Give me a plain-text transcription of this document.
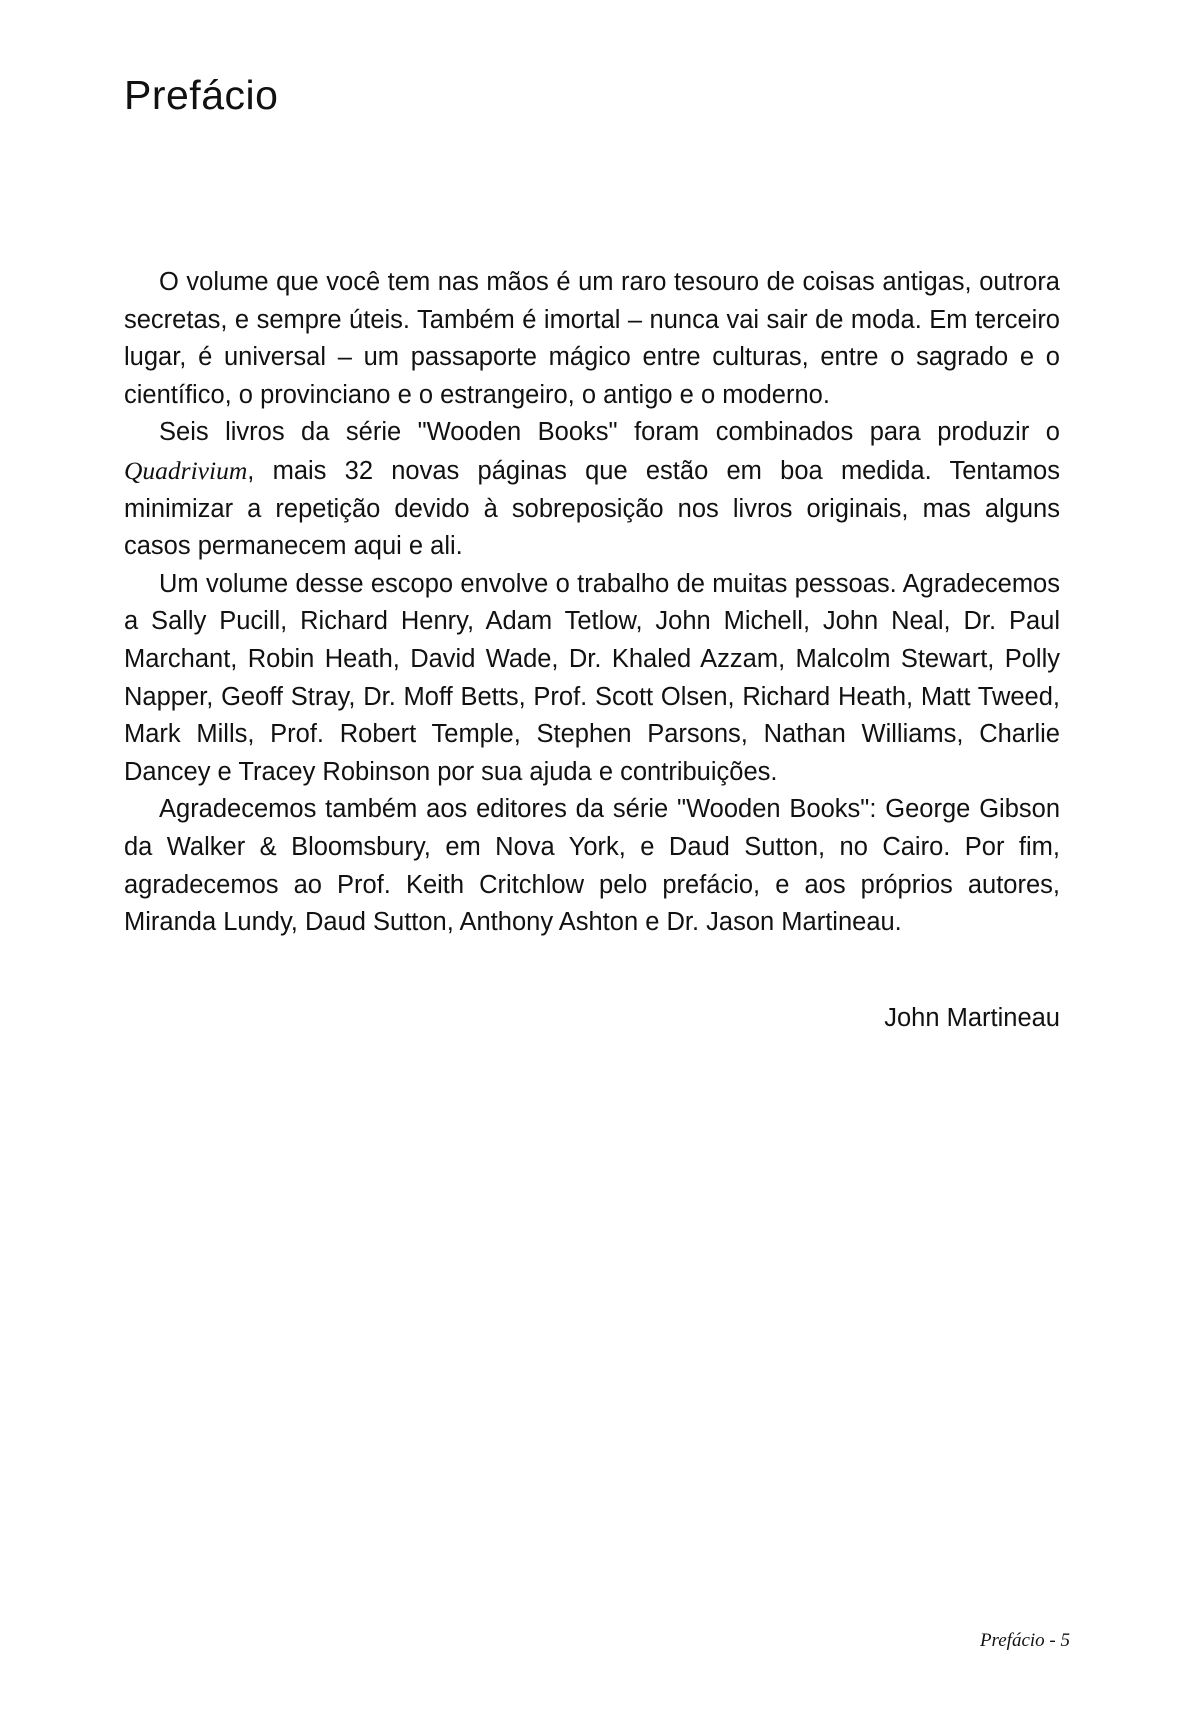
Prefácio

O volume que você tem nas mãos é um raro tesouro de coisas antigas, outrora secretas, e sempre úteis. Também é imortal – nunca vai sair de moda. Em terceiro lugar, é universal – um passaporte mágico entre culturas, entre o sagrado e o científico, o provinciano e o estrangeiro, o antigo e o moderno.

Seis livros da série "Wooden Books" foram combinados para produzir o Quadrivium, mais 32 novas páginas que estão em boa medida. Tentamos minimizar a repetição devido à sobreposição nos livros originais, mas alguns casos permanecem aqui e ali.

Um volume desse escopo envolve o trabalho de muitas pessoas. Agradecemos a Sally Pucill, Richard Henry, Adam Tetlow, John Michell, John Neal, Dr. Paul Marchant, Robin Heath, David Wade, Dr. Khaled Azzam, Malcolm Stewart, Polly Napper, Geoff Stray, Dr. Moff Betts, Prof. Scott Olsen, Richard Heath, Matt Tweed, Mark Mills, Prof. Robert Temple, Stephen Parsons, Nathan Williams, Charlie Dancey e Tracey Robinson por sua ajuda e contribuições.

Agradecemos também aos editores da série "Wooden Books": George Gibson da Walker & Bloomsbury, em Nova York, e Daud Sutton, no Cairo. Por fim, agradecemos ao Prof. Keith Critchlow pelo prefácio, e aos próprios autores, Miranda Lundy, Daud Sutton, Anthony Ashton e Dr. Jason Martineau.

John Martineau
Prefácio - 5
